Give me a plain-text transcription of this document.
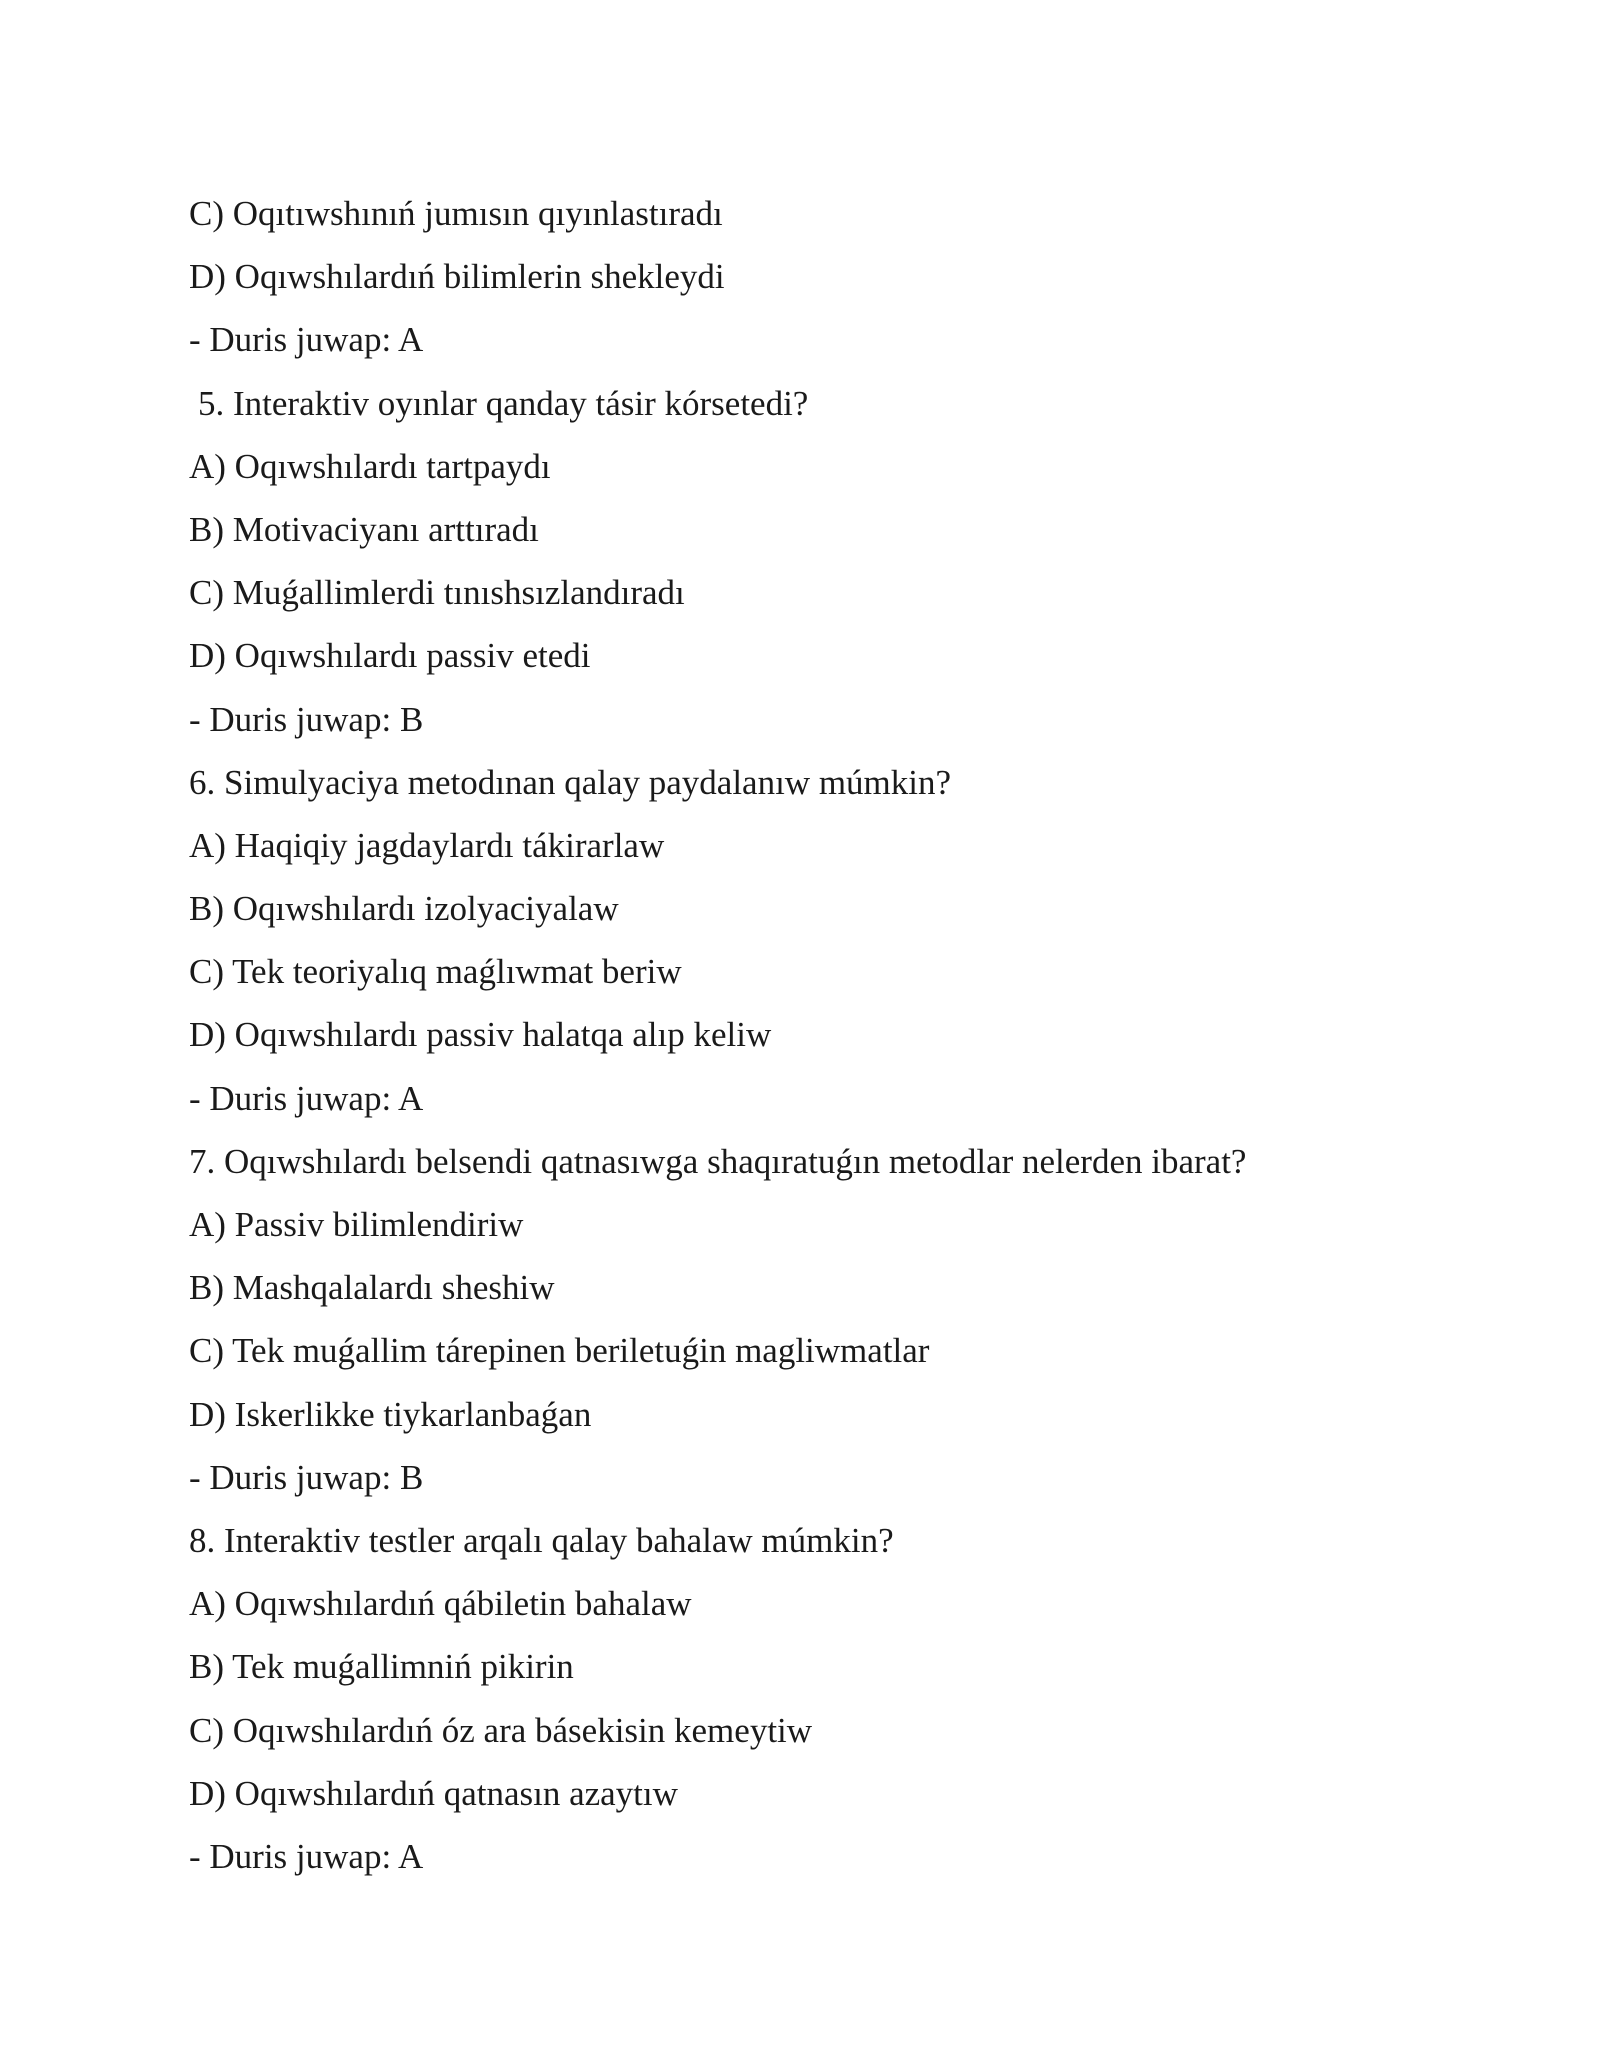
C) Oqıtıwshınıń jumısın qıyınlastıradı
D) Oqıwshılardıń bilimlerin shekleydi
- Duris juwap: A
5. Interaktiv oyınlar qanday tásir kórsetedi?
A) Oqıwshılardı tartpaydı
B) Motivaciyanı arttıradı
C) Muǵallimlerdi tınıshsızlandıradı
D) Oqıwshılardı passiv etedi
- Duris juwap: B
6. Simulyaciya metodınan qalay paydalanıw múmkin?
A) Haqiqiy jagdaylardı tákirarlaw
B) Oqıwshılardı izolyaciyalaw
C) Tek teoriyalıq maǵlıwmat beriw
D) Oqıwshılardı passiv halatqa alıp keliw
- Duris juwap: A
7. Oqıwshılardı belsendi qatnasıwga shaqıratuǵın metodlar nelerden ibarat?
A) Passiv bilimlendiriw
B) Mashqalalardı sheshiw
C) Tek muǵallim tárepinen beriletuǵin magliwmatlar
D) Iskerlikke tiykarlanbaǵan
- Duris juwap: B
8. Interaktiv testler arqalı qalay bahalaw múmkin?
A) Oqıwshılardıń qábiletin bahalaw
B) Tek muǵallimniń pikirin
C) Oqıwshılardıń óz ara básekisin kemeytiw
D) Oqıwshılardıń qatnasın azaytıw
- Duris juwap: A
